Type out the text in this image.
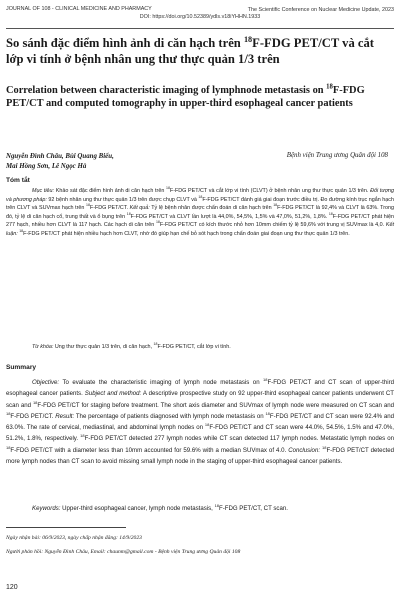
JOURNAL OF 108 - CLINICAL MEDICINE AND PHARMACY	The Scientific Conference on Nuclear Medicine Update, 2023
DOI: https://doi.org/10.52389/ydls.v18iYHHN.1933
So sánh đặc điểm hình ảnh di căn hạch trên $^{18}$F-FDG PET/CT và cắt lớp vi tính ở bệnh nhân ung thư thực quản 1/3 trên
Correlation between characteristic imaging of lymphnode metastasis on $^{18}$F-FDG PET/CT and computed tomography in upper-third esophageal cancer patients
Nguyễn Đình Châu, Bùi Quang Biểu,
Mai Hồng Sơn, Lê Ngọc Hà
Bệnh viện Trung ương Quân đội 108
Tóm tắt

Mục tiêu: Khảo sát đặc điểm hình ảnh di căn hạch trên $^{18}$F-FDG PET/CT và cắt lớp vi tính (CLVT) ở bệnh nhân ung thư thực quản 1/3 trên. Đối tượng và phương pháp: 92 bệnh nhân ung thư thực quản 1/3 trên được chụp CLVT và $^{18}$F-FDG PET/CT đánh giá giai đoạn trước điều trị. Đo đường kính trục ngắn hạch trên CLVT và SUVmax hạch trên $^{18}$F-FDG PET/CT. Kết quả: Tỷ lệ bệnh nhân được chẩn đoán di căn hạch trên $^{18}$F-FDG PET/CT là 92,4% và CLVT là 63%. Trong đó, tỷ lệ di căn hạch cổ, trung thất và ổ bụng trên $^{18}$F-FDG PET/CT và CLVT lần lượt là 44,0%, 54,5%, 1,5% và 47,0%, 51,2%, 1,8%. $^{18}$F-FDG PET/CT phát hiện 277 hạch, nhiều hơn CLVT là 117 hạch. Các hạch di căn trên $^{18}$F-FDG PET/CT có kích thước nhỏ hơn 10mm chiếm tỷ lệ 59,6% với trung vị SUVmax là 4,0. Kết luận: $^{18}$F-FDG PET/CT phát hiện nhiều hạch hơn CLVT, nhờ đó giúp hạn chế bỏ sót hạch trong chẩn đoán giai đoạn ung thư thực quản 1/3 trên.

Từ khóa: Ung thư thực quản 1/3 trên, di căn hạch, $^{18}$F-FDG PET/CT, cắt lớp vi tính.

Summary

Objective: To evaluate the characteristic imaging of lymph node metastasis on $^{18}$F-FDG PET/CT and CT scan of upper-third esophageal cancer patients. Subject and method: A descriptive prospective study on 92 upper-third esophageal cancer patients underwent CT scan and $^{18}$F-FDG PET/CT for staging before treatment. The short axis diameter and SUVmax of lymph node were measured on CT scan and $^{18}$F-FDG PET/CT. Result: The percentage of patients diagnosed with lymph node metastasis on $^{18}$F-FDG PET/CT and CT scan were 92.4% and 63.0%. The rate of cervical, mediastinal, and abdominal lymph nodes on $^{18}$F-FDG PET/CT and CT scan were 44.0%, 54.5%, 1.5% and 47.0%, 51.2%, 1.8%, respectively. $^{18}$F-FDG PET/CT detected 277 lymph nodes while CT scan detected 117 lymph nodes. Metastatic lymph nodes on $^{18}$F-FDG PET/CT with a diameter less than 10mm accounted for 59.6% with a median SUVmax of 4.0. Conclusion: $^{18}$F-FDG PET/CT detected more lymph nodes than CT scan to avoid missing small lymph node in the staging of upper-third esophageal cancer patients.

Keywords: Upper-third esophageal cancer, lymph node metastasis, $^{18}$F-FDG PET/CT, CT scan.

Ngày nhận bài: 06/9/2023, ngày chấp nhận đăng: 14/9/2023
Người phản hồi: Nguyễn Đình Châu, Email: chaunm@gmail.com - Bệnh viện Trung ương Quân đội 108
120
